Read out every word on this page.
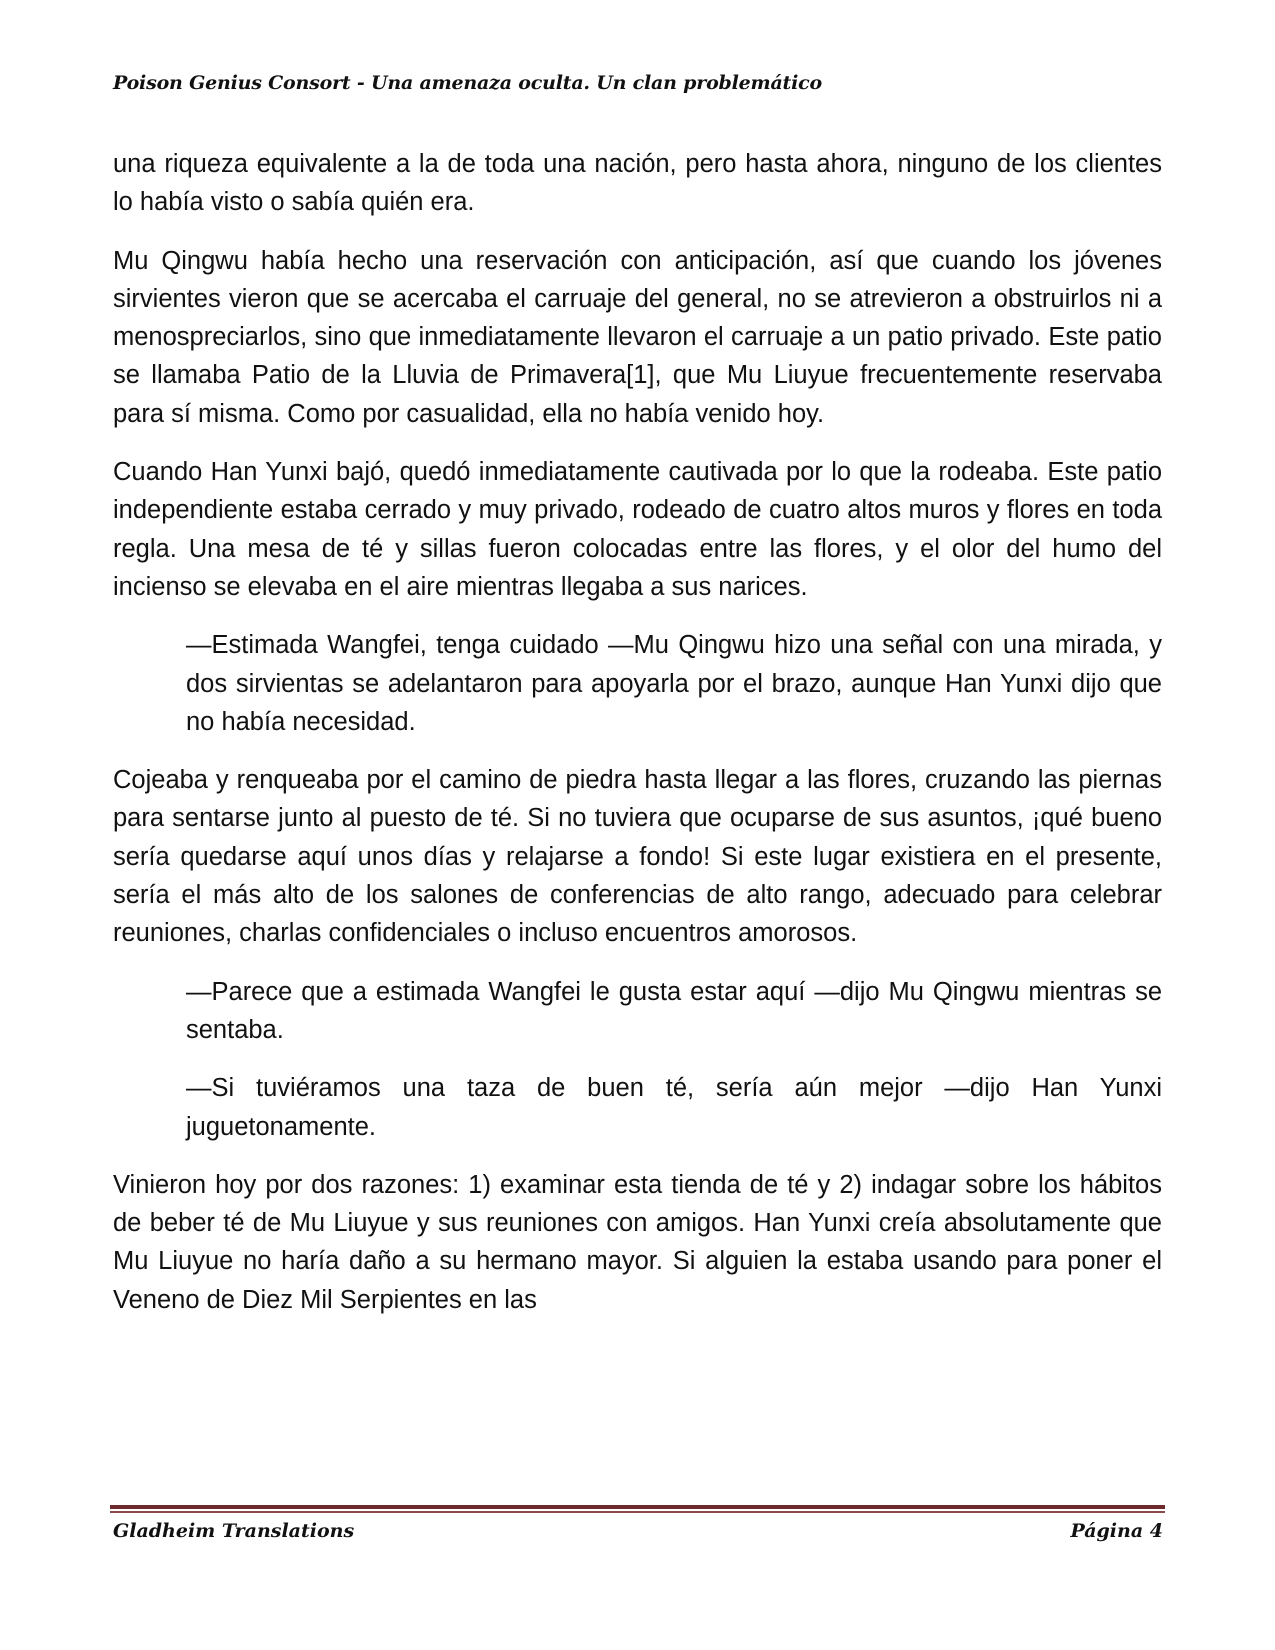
Poison Genius Consort - Una amenaza oculta. Un clan problemático

una riqueza equivalente a la de toda una nación, pero hasta ahora, ninguno de los clientes lo había visto o sabía quién era.

Mu Qingwu había hecho una reservación con anticipación, así que cuando los jóvenes sirvientes vieron que se acercaba el carruaje del general, no se atrevieron a obstruirlos ni a menospreciarlos, sino que inmediatamente llevaron el carruaje a un patio privado. Este patio se llamaba Patio de la Lluvia de Primavera[1], que Mu Liuyue frecuentemente reservaba para sí misma. Como por casualidad, ella no había venido hoy.

Cuando Han Yunxi bajó, quedó inmediatamente cautivada por lo que la rodeaba. Este patio independiente estaba cerrado y muy privado, rodeado de cuatro altos muros y flores en toda regla. Una mesa de té y sillas fueron colocadas entre las flores, y el olor del humo del incienso se elevaba en el aire mientras llegaba a sus narices.

—Estimada Wangfei, tenga cuidado —Mu Qingwu hizo una señal con una mirada, y dos sirvientas se adelantaron para apoyarla por el brazo, aunque Han Yunxi dijo que no había necesidad.

Cojeaba y renqueaba por el camino de piedra hasta llegar a las flores, cruzando las piernas para sentarse junto al puesto de té. Si no tuviera que ocuparse de sus asuntos, ¡qué bueno sería quedarse aquí unos días y relajarse a fondo! Si este lugar existiera en el presente, sería el más alto de los salones de conferencias de alto rango, adecuado para celebrar reuniones, charlas confidenciales o incluso encuentros amorosos.

—Parece que a estimada Wangfei le gusta estar aquí —dijo Mu Qingwu mientras se sentaba.

—Si tuviéramos una taza de buen té, sería aún mejor —dijo Han Yunxi juguetonamente.

Vinieron hoy por dos razones: 1) examinar esta tienda de té y 2) indagar sobre los hábitos de beber té de Mu Liuyue y sus reuniones con amigos. Han Yunxi creía absolutamente que Mu Liuyue no haría daño a su hermano mayor. Si alguien la estaba usando para poner el Veneno de Diez Mil Serpientes en las

Gladheim Translations	Página 4
